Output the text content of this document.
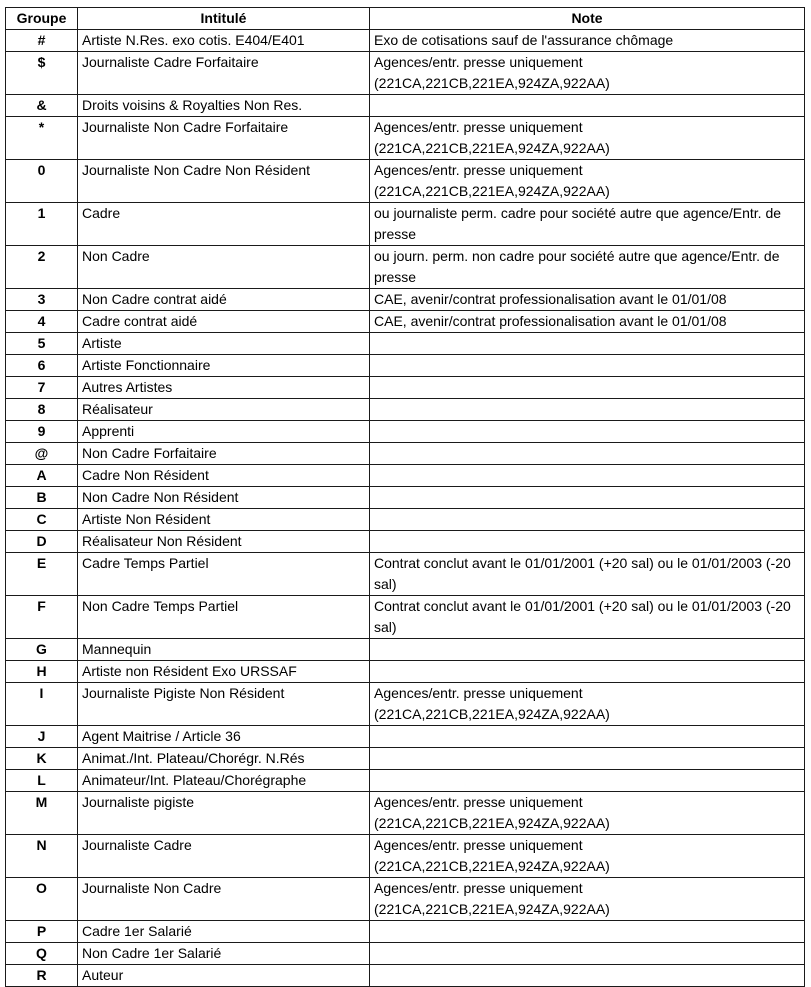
Groupe	Intitulé	Note
#	Artiste N.Res. exo cotis. E404/E401	Exo de cotisations sauf de l'assurance chômage
$	Journaliste Cadre Forfaitaire	Agences/entr. presse uniquement (221CA,221CB,221EA,924ZA,922AA)
&	Droits voisins & Royalties Non Res.	
*	Journaliste Non Cadre Forfaitaire	Agences/entr. presse uniquement (221CA,221CB,221EA,924ZA,922AA)
0	Journaliste Non Cadre Non Résident	Agences/entr. presse uniquement (221CA,221CB,221EA,924ZA,922AA)
1	Cadre	ou journaliste perm. cadre pour société autre que agence/Entr. de presse
2	Non Cadre	ou journ. perm. non cadre pour société autre que agence/Entr. de presse
3	Non Cadre contrat aidé	CAE, avenir/contrat professionalisation avant le 01/01/08
4	Cadre contrat aidé	CAE, avenir/contrat professionalisation avant le 01/01/08
5	Artiste	
6	Artiste Fonctionnaire	
7	Autres Artistes	
8	Réalisateur	
9	Apprenti	
@	Non Cadre Forfaitaire	
A	Cadre Non Résident	
B	Non Cadre Non Résident	
C	Artiste Non Résident	
D	Réalisateur Non Résident	
E	Cadre Temps Partiel	Contrat conclut avant le 01/01/2001 (+20 sal) ou le 01/01/2003 (-20 sal)
F	Non Cadre Temps Partiel	Contrat conclut avant le 01/01/2001 (+20 sal) ou le 01/01/2003 (-20 sal)
G	Mannequin	
H	Artiste non Résident Exo URSSAF	
I	Journaliste Pigiste Non Résident	Agences/entr. presse uniquement (221CA,221CB,221EA,924ZA,922AA)
J	Agent Maitrise / Article 36	
K	Animat./Int. Plateau/Chorégr. N.Rés	
L	Animateur/Int. Plateau/Chorégraphe	
M	Journaliste pigiste	Agences/entr. presse uniquement (221CA,221CB,221EA,924ZA,922AA)
N	Journaliste Cadre	Agences/entr. presse uniquement (221CA,221CB,221EA,924ZA,922AA)
O	Journaliste Non Cadre	Agences/entr. presse uniquement (221CA,221CB,221EA,924ZA,922AA)
P	Cadre 1er Salarié	
Q	Non Cadre 1er Salarié	
R	Auteur	
